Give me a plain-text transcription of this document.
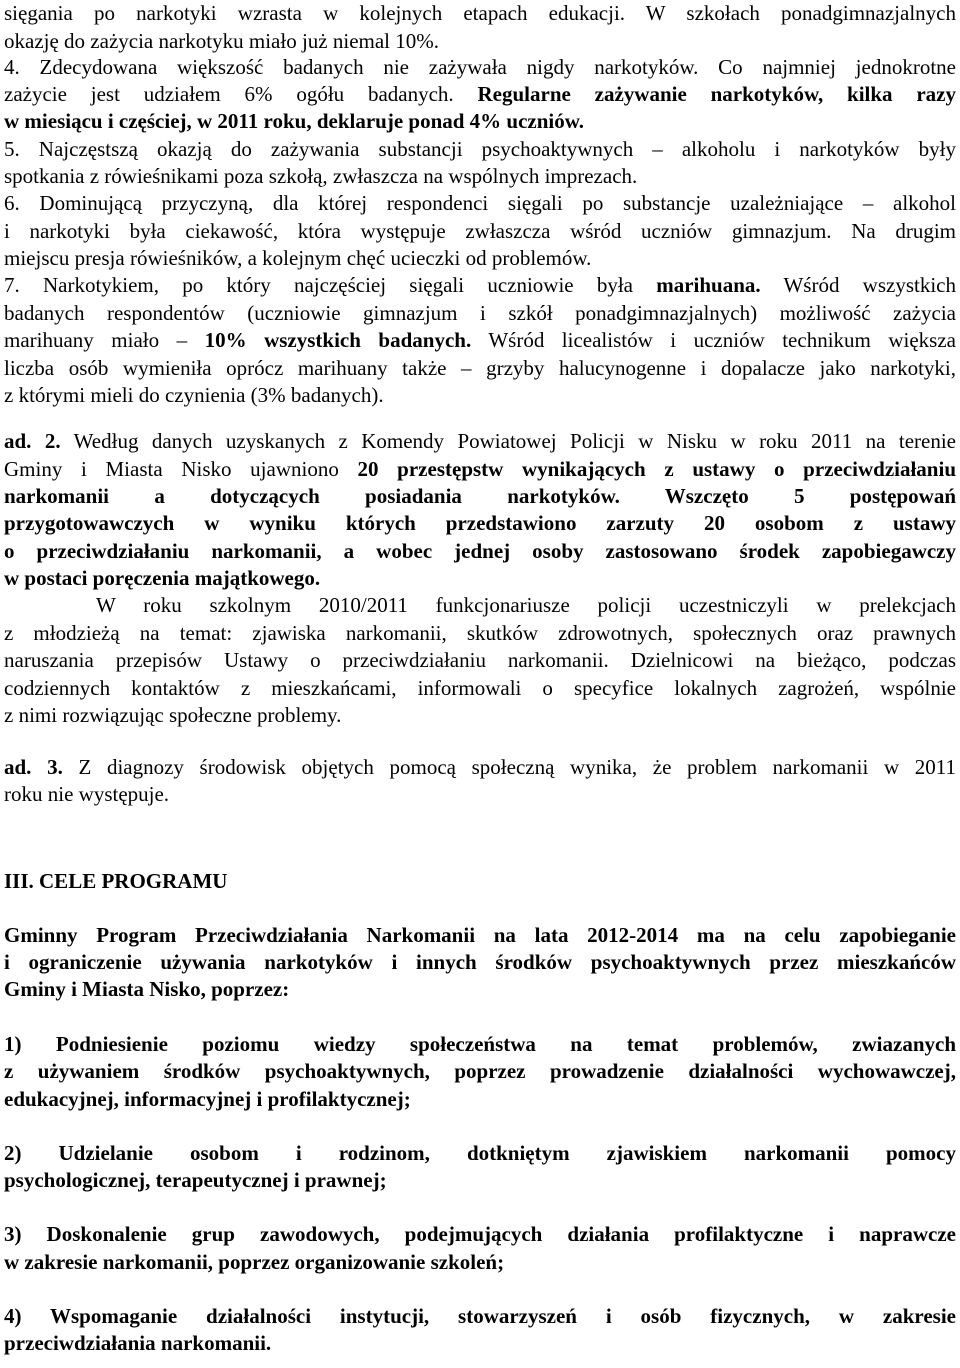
sięgania po narkotyki wzrasta w kolejnych etapach edukacji. W szkołach ponadgimnazjalnych
okazję do zażycia narkotyku miało już niemal 10%.
4. Zdecydowana większość badanych nie zażywała nigdy narkotyków. Co najmniej jednokrotne
zażycie jest udziałem 6% ogółu badanych. Regularne zażywanie narkotyków, kilka razy
w miesiącu i częściej, w 2011 roku, deklaruje ponad 4% uczniów.
5. Najczęstszą okazją do zażywania substancji psychoaktywnych – alkoholu i narkotyków były
spotkania z rówieśnikami poza szkołą, zwłaszcza na wspólnych imprezach.
6. Dominującą przyczyną, dla której respondenci sięgali po substancje uzależniające – alkohol
i narkotyki była ciekawość, która występuje zwłaszcza wśród uczniów gimnazjum. Na drugim
miejscu presja rówieśników, a kolejnym chęć ucieczki od problemów.
7. Narkotykiem, po który najczęściej sięgali uczniowie była marihuana. Wśród wszystkich
badanych respondentów (uczniowie gimnazjum i szkół ponadgimnazjalnych) możliwość zażycia
marihuany miało – 10% wszystkich badanych. Wśród licealistów i uczniów technikum większa
liczba osób wymieniła oprócz marihuany także – grzyby halucynogenne i dopalacze jako narkotyki,
z którymi mieli do czynienia (3% badanych).
ad. 2. Według danych uzyskanych z Komendy Powiatowej Policji w Nisku w roku 2011 na terenie
Gminy i Miasta Nisko ujawniono 20 przestępstw wynikających z ustawy o przeciwdziałaniu
narkomanii a dotyczących posiadania narkotyków. Wszczęto 5 postępowań
przygotowawczych w wyniku których przedstawiono zarzuty 20 osobom z ustawy
o przeciwdziałaniu narkomanii, a wobec jednej osoby zastosowano środek zapobiegawczy
w postaci poręczenia majątkowego.
W roku szkolnym 2010/2011 funkcjonariusze policji uczestniczyli w prelekcjach
z młodzieżą na temat: zjawiska narkomanii, skutków zdrowotnych, społecznych oraz prawnych
naruszania przepisów Ustawy o przeciwdziałaniu narkomanii. Dzielnicowi na bieżąco, podczas
codziennych kontaktów z mieszkańcami, informowali o specyfice lokalnych zagrożeń, wspólnie
z nimi rozwiązując społeczne problemy.
ad. 3. Z diagnozy środowisk objętych pomocą społeczną wynika, że problem narkomanii w 2011
roku nie występuje.
III. CELE PROGRAMU
Gminny Program Przeciwdziałania Narkomanii na lata 2012-2014 ma na celu zapobieganie
i ograniczenie używania narkotyków i innych środków psychoaktywnych przez mieszkańców
Gminy i Miasta Nisko, poprzez:
1) Podniesienie poziomu wiedzy społeczeństwa na temat problemów, zwiazanych
z używaniem środków psychoaktywnych, poprzez prowadzenie działalności wychowawczej,
edukacyjnej, informacyjnej i profilaktycznej;
2) Udzielanie osobom i rodzinom, dotkniętym zjawiskiem narkomanii pomocy
psychologicznej, terapeutycznej i prawnej;
3) Doskonalenie grup zawodowych, podejmujących działania profilaktyczne i naprawcze
w zakresie narkomanii, poprzez organizowanie szkoleń;
4) Wspomaganie działalności instytucji, stowarzyszeń i osób fizycznych, w zakresie
przeciwdziałania narkomanii.
